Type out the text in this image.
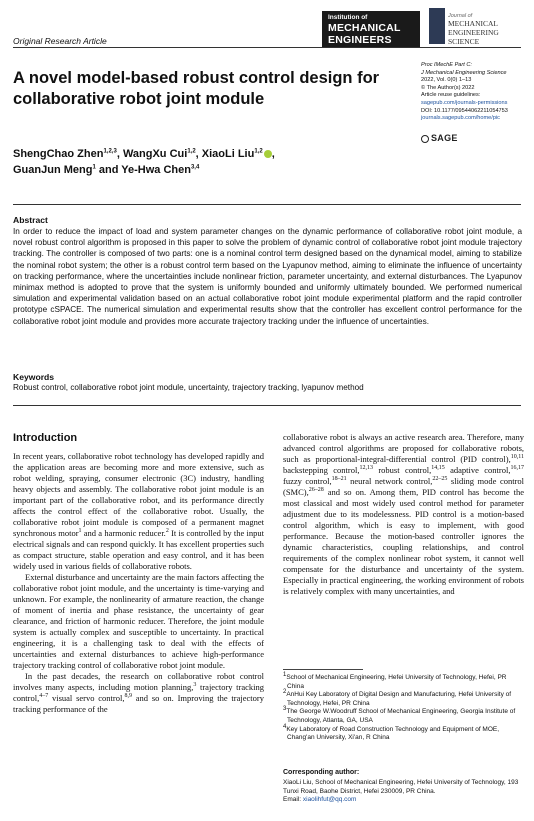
Original Research Article
Institution of
MECHANICAL
ENGINEERS
Journal of
MECHANICAL
ENGINEERING SCIENCE
A novel model-based robust control design for collaborative robot joint module
ShengChao Zhen$^{1,2,3}$, WangXu Cui$^{1,2}$, XiaoLi Liu$^{1,2}$ ,
GuanJun Meng$^1$ and Ye-Hwa Chen$^{3,4}$
Proc IMechE Part C:
J Mechanical Engineering Science
2022, Vol. 0(0) 1–13
© The Author(s) 2022
Article reuse guidelines:
sagepub.com/journals-permissions
DOI: 10.1177/09544062211054753
journals.sagepub.com/home/pic
SAGE
Abstract
In order to reduce the impact of load and system parameter changes on the dynamic performance of collaborative robot joint module, a novel robust control algorithm is proposed in this paper to solve the problem of dynamic control of collaborative robot joint module trajectory tracking. The controller is composed of two parts: one is a nominal control term designed based on the dynamical model, aiming to stabilize the nominal robot system; the other is a robust control term based on the Lyapunov method, aiming to eliminate the influence of uncertainty on tracking performance, where the uncertainties include nonlinear friction, parameter uncertainty, and external disturbances. The Lyapunov minimax method is adopted to prove that the system is uniformly bounded and uniformly ultimately bounded. We performed numerical simulation and experimental validation based on an actual collaborative robot joint module experimental platform and the rapid controller prototype cSPACE. The numerical simulation and experimental results show that the controller has excellent control performance for the collaborative robot joint module and provides more accurate trajectory tracking under the influence of uncertainties.
Keywords
Robust control, collaborative robot joint module, uncertainty, trajectory tracking, lyapunov method
Introduction

In recent years, collaborative robot technology has developed rapidly and the application areas are becoming more and more extensive, such as robot welding, spraying, consumer electronic (3C) industry, handling heavy objects and assembly. The collaborative robot joint module is an important part of the collaborative robot, and its performance directly affects the control effect of the collaborative robot. Usually, the collaborative robot joint module is composed of a permanent magnet synchronous motor$^1$ and a harmonic reducer.$^2$ It is controlled by the input electrical signals and can respond quickly. It has excellent properties such as compact structure, stable operation and easy control, and it has been widely used in various fields of collaborative robots.

External disturbance and uncertainty are the main factors affecting the collaborative robot joint module, and the uncertainty is time-varying and unknown. For example, the nonlinearity of armature reaction, the change of moment of inertia and phase resistance, the uncertainty of gear clearance, and friction of harmonic reducer. Therefore, the joint module system is actually complex and susceptible to uncertainty. In practical engineering, it is a challenging task to deal with the effects of uncertainties and external disturbances to achieve high-performance trajectory tracking control of collaborative robot joint module.

In the past decades, the research on collaborative robot control involves many aspects, including motion planning,$^3$ trajectory tracking control,$^{4-7}$ visual servo control,$^{8,9}$ and so on. Improving the trajectory tracking performance of the

collaborative robot is always an active research area. Therefore, many advanced control algorithms are proposed for collaborative robots, such as proportional-integral-differential control (PID control),$^{10,11}$ backstepping control,$^{12,13}$ robust control,$^{14,15}$ adaptive control,$^{16,17}$ fuzzy control,$^{18-21}$ neural network control,$^{22-25}$ sliding mode control (SMC),$^{26-28}$ and so on. Among them, PID control has become the most classical and most widely used control method for parameter adjustment due to its modelessness. PID control is a motion-based control algorithm, which is easy to implement, with good performance. Because the motion-based controller ignores the dynamic characteristics, coupling relationships, and control requirements of the complex nonlinear robot system, it cannot well compensate for the disturbance and uncertainty of the system. Especially in practical engineering, the working environment of robots is relatively complex with many uncertainties, and

$^1$School of Mechanical Engineering, Hefei University of Technology, Hefei, PR China

$^2$AnHui Key Laboratory of Digital Design and Manufacturing, Hefei University of Technology, Hefei, PR China

$^3$The George W.Woodruff School of Mechanical Engineering, Georgia Institute of Technology, Atlanta, GA, USA

$^4$Key Laboratory of Road Construction Technology and Equipment of MOE, Chang'an University, Xi'an, R China

Corresponding author:
XiaoLi Liu, School of Mechanical Engineering, Hefei University of Technology, 193 Tunxi Road, Baohe District, Hefei 230009, PR China.
Email: xiaolihfut@qq.com
